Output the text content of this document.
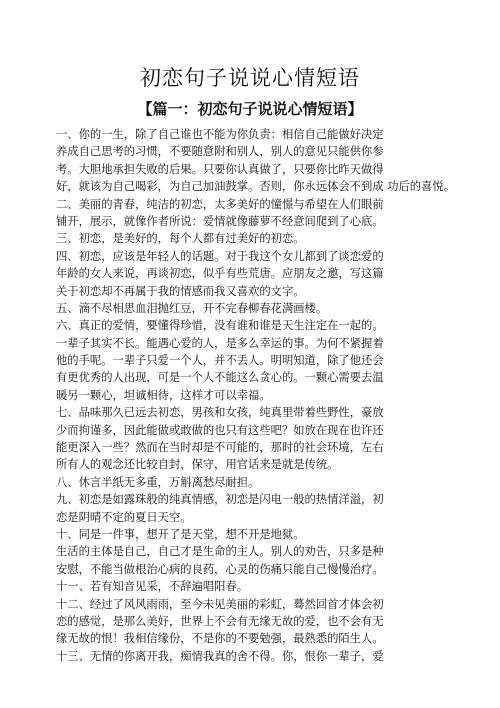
初恋句子说说心情短语
【篇一：初恋句子说说心情短语】
一、你的一生，除了自己谁也不能为你负责：相信自己能做好决定
养成自己思考的习惯，不要随意附和别人，别人的意见只能供你参
考。大胆地承担失败的后果。只要你认真做了，只要你比昨天做得
好，就该为自己喝彩，为自己加油鼓掌。否则，你永远体会不到成 功后的喜悦。
二、美丽的青春，纯洁的初恋，太多美好的憧憬与希望在人们眼前
铺开，展示，就像作者所说：爱情就像藤萝不经意间爬到了心底。
三、初恋，是美好的，每个人都有过美好的初恋。
四、初恋，应该是年轻人的话题。对于我这个女儿都到了谈恋爱的
年龄的女人来说，再谈初恋，似乎有些荒唐。应朋友之邀，写这篇
关于初恋却不再属于我的情感而我又喜欢的文字。
五、滴不尽相思血泪抛红豆，开不完春柳春花满画楼。
六、真正的爱情，要懂得珍惜，没有谁和谁是天生注定在一起的。
一辈子其实不长。能遇心爱的人，是多么幸运的事。为何不紧握着
他的手呢。一辈子只爱一个人，并不丢人。明明知道，除了他还会
有更优秀的人出现，可是一个人不能这么贪心的。一颗心需要去温
暖另一颗心，坦诚相待，这样才可以幸福。
七、品味那久已远去初恋，男孩和女孩，纯真里带着些野性，豪放
少而拘谨多，因此能做或敢做的也只有这些吧？如放在现在也许还
能更深入一些？然而在当时却是不可能的，那时的社会环境，左右
所有人的观念还比较自封，保守，用官话来是就是传统。
八、休言半纸无多重，万斛离愁尽耐担。
九、初恋是如露珠般的纯真情感，初恋是闪电一般的热情洋溢，初
恋是阴晴不定的夏日天空。
十、同是一件事，想开了是天堂，想不开是地狱。
生活的主体是自己，自己才是生命的主人。别人的劝告，只多是种
安慰，不能当做根治心病的良药，心灵的伤痛只能自己慢慢治疗。
十一、若有知音见采，不辞遍唱阳春。
十二、经过了风风雨雨，至今未见美丽的彩虹，蓦然回首才体会初
恋的感觉，是那么美好，世界上不会有无缘无故的爱，也不会有无
缘无故的恨！我相信缘份，不是你的不要勉强，最熟悉的陌生人。
十三、无情的你离开我，痴情我真的舍不得。你，恨你一辈子，爱
